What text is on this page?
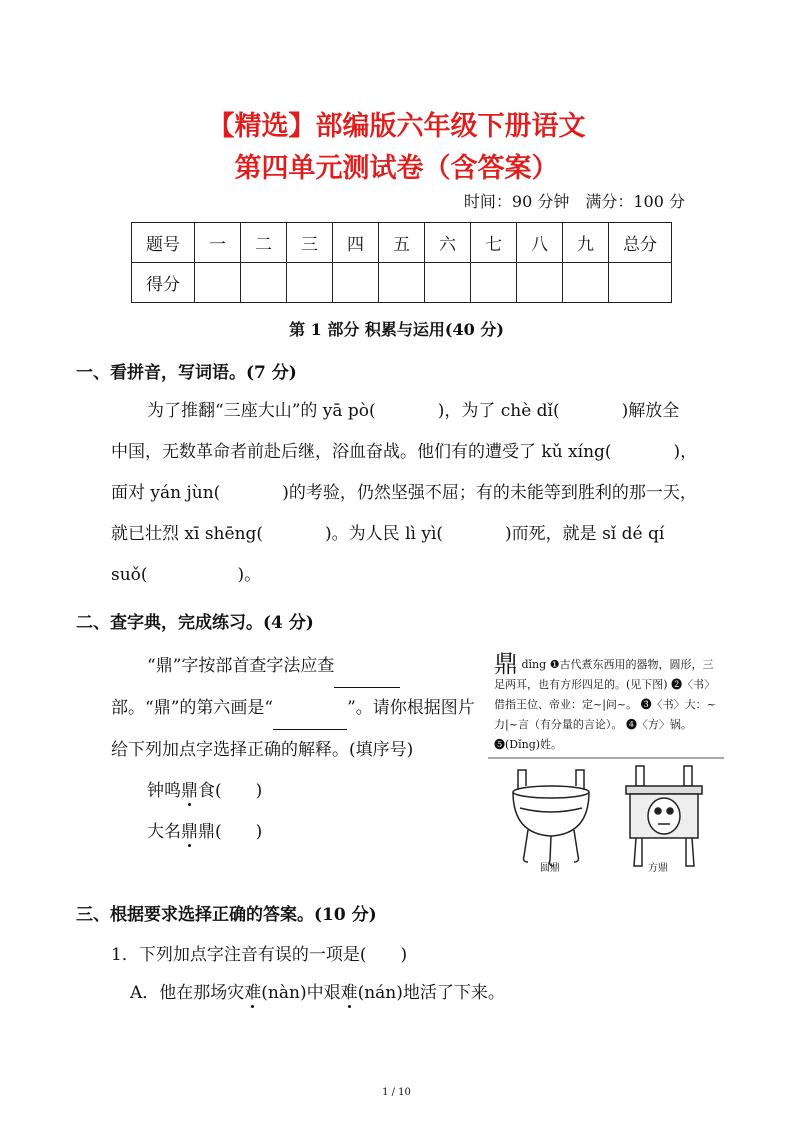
【精选】部编版六年级下册语文
第四单元测试卷（含答案）
时间：90 分钟　满分：100 分
题号	一	二	三	四	五	六	七	八	九	总分
得分										
第 1 部分 积累与运用(40 分)
一、看拼音，写词语。(7 分)

为了推翻“三座大山”的 yā pò(	)，为了 chè dǐ(	)解放全

中国，无数革命者前赴后继，浴血奋战。他们有的遭受了 kǔ xíng(	)，

面对 yán jùn(	)的考验，仍然坚强不屈；有的未能等到胜利的那一天，

就已壮烈 xī shēng(	)。为人民 lì yì(	)而死，就是 sǐ dé qí

suǒ(	)。

二、查字典，完成练习。(4 分)

“鼎”字按部首查字法应查 部。“鼎”的第六画是“	”。请你根据图片给下列加点字选择正确的解释。(填序号)

钟鸣鼎食(　　)

大名鼎鼎(　　)

鼎 dǐng ❶古代煮东西用的器物，圆形，三足两耳，也有方形四足的。(见下图) ❷〈书〉借指王位、帝业：定~|问~。 ❸〈书〉大：~力|~言（有分量的言论）。 ❹〈方〉锅。 ❺(Dǐng)姓。
圆鼎	方鼎
三、根据要求选择正确的答案。(10 分)
1．下列加点字注音有误的一项是(　　)
A．他在那场灾难(nàn)中艰难(nán)地活了下来。
1 / 10
